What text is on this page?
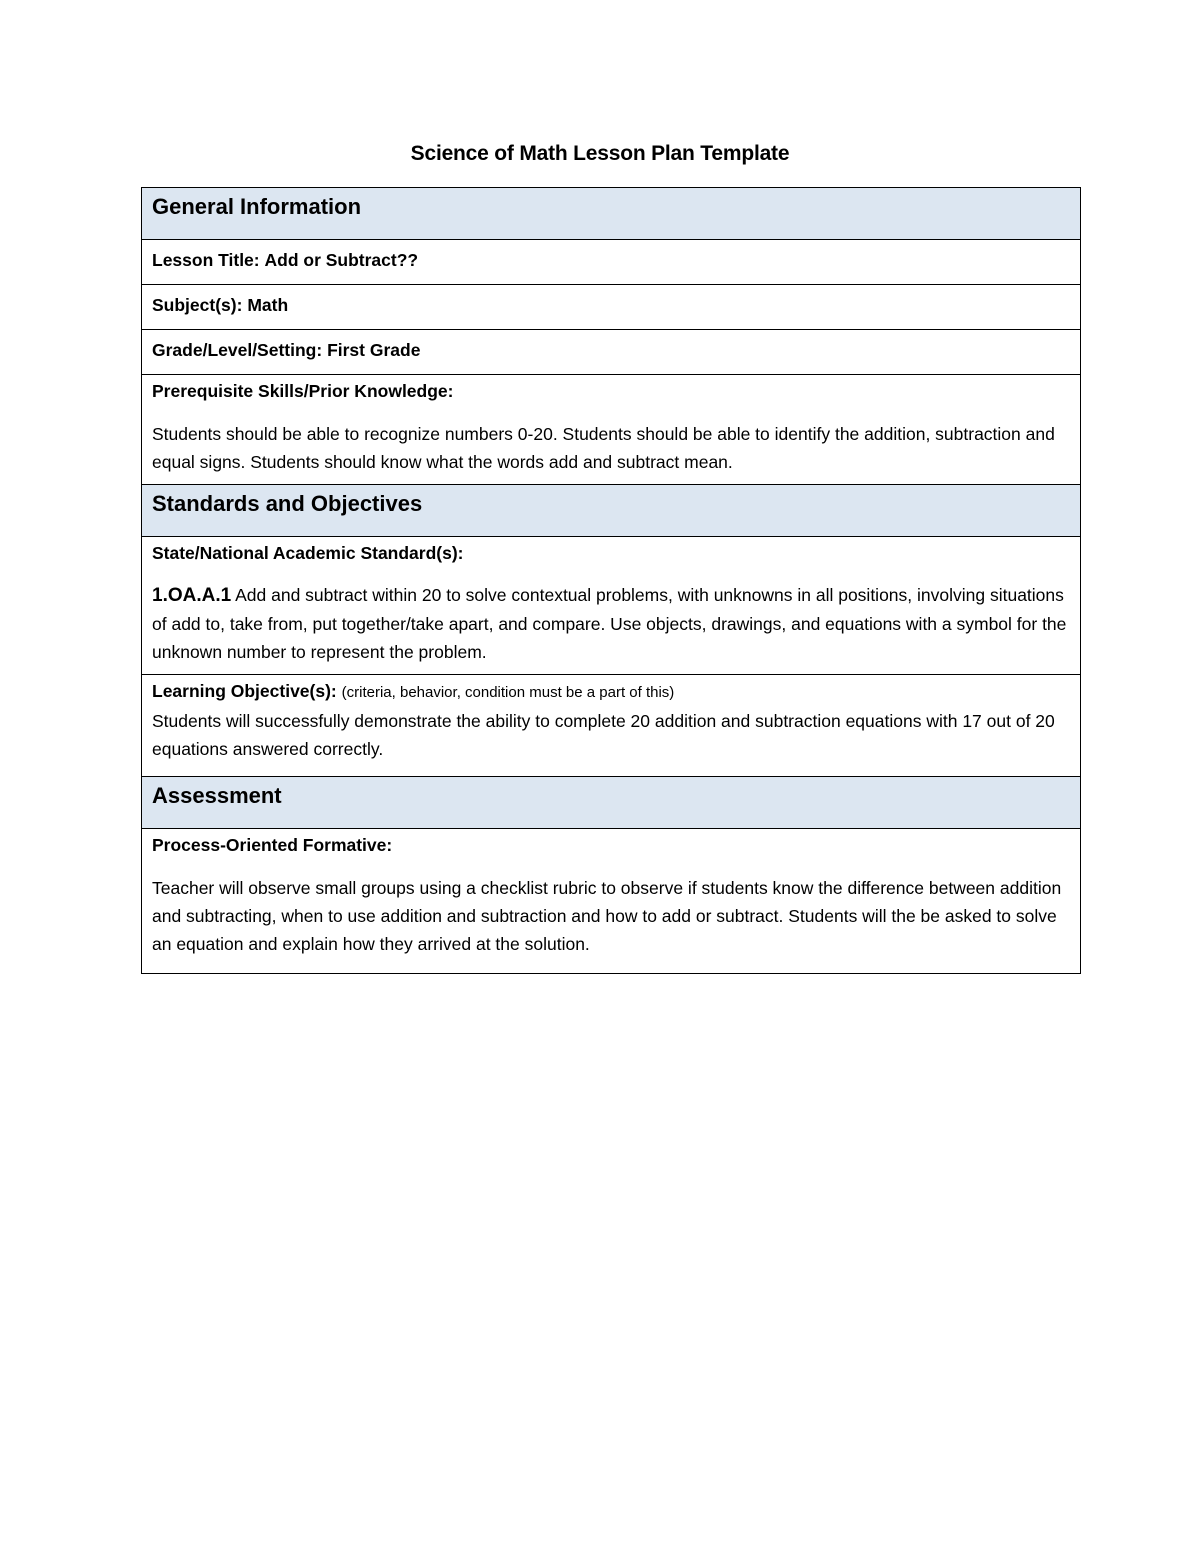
Science of Math Lesson Plan Template
General Information
Lesson Title: Add or Subtract??
Subject(s): Math
Grade/Level/Setting: First Grade

Prerequisite Skills/Prior Knowledge:

Students should be able to recognize numbers 0-20. Students should be able to identify the addition, subtraction and equal signs. Students should know what the words add and subtract mean.

Standards and Objectives

State/National Academic Standard(s):

1.OA.A.1 Add and subtract within 20 to solve contextual problems, with unknowns in all positions, involving situations of add to, take from, put together/take apart, and compare. Use objects, drawings, and equations with a symbol for the unknown number to represent the problem.

Learning Objective(s): (criteria, behavior, condition must be a part of this)

Students will successfully demonstrate the ability to complete 20 addition and subtraction equations with 17 out of 20 equations answered correctly.

Assessment

Process-Oriented Formative:

Teacher will observe small groups using a checklist rubric to observe if students know the difference between addition and subtracting, when to use addition and subtraction and how to add or subtract. Students will the be asked to solve an equation and explain how they arrived at the solution.
